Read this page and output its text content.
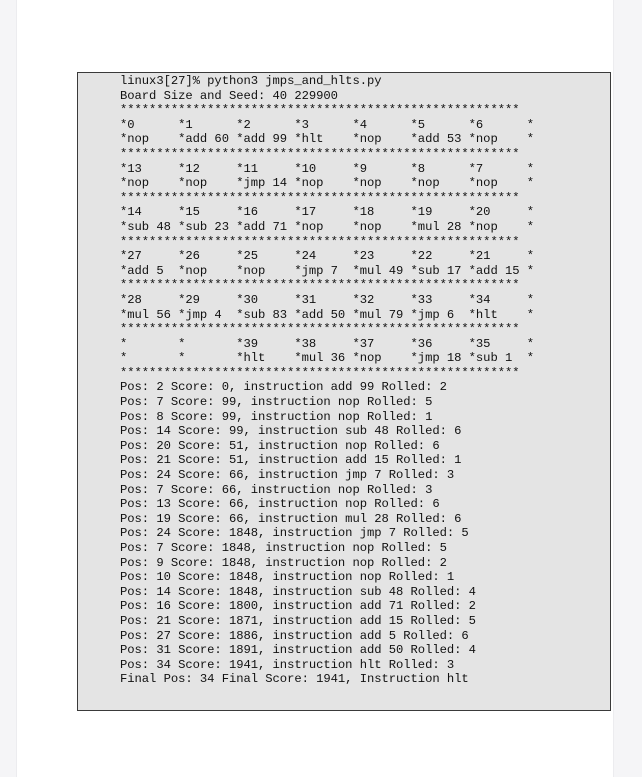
linux3[27]% python3 jmps_and_hlts.py
Board Size and Seed: 40 229900
*******************************************************
*0      *1      *2      *3      *4      *5      *6      *
*nop    *add 60 *add 99 *hlt    *nop    *add 53 *nop    *
*******************************************************
*13     *12     *11     *10     *9      *8      *7      *
*nop    *nop    *jmp 14 *nop    *nop    *nop    *nop    *
*******************************************************
*14     *15     *16     *17     *18     *19     *20     *
*sub 48 *sub 23 *add 71 *nop    *nop    *mul 28 *nop    *
*******************************************************
*27     *26     *25     *24     *23     *22     *21     *
*add 5  *nop    *nop    *jmp 7  *mul 49 *sub 17 *add 15 *
*******************************************************
*28     *29     *30     *31     *32     *33     *34     *
*mul 56 *jmp 4  *sub 83 *add 50 *mul 79 *jmp 6  *hlt    *
*******************************************************
*       *       *39     *38     *37     *36     *35     *
*       *       *hlt    *mul 36 *nop    *jmp 18 *sub 1  *
*******************************************************
Pos: 2 Score: 0, instruction add 99 Rolled: 2
Pos: 7 Score: 99, instruction nop Rolled: 5
Pos: 8 Score: 99, instruction nop Rolled: 1
Pos: 14 Score: 99, instruction sub 48 Rolled: 6
Pos: 20 Score: 51, instruction nop Rolled: 6
Pos: 21 Score: 51, instruction add 15 Rolled: 1
Pos: 24 Score: 66, instruction jmp 7 Rolled: 3
Pos: 7 Score: 66, instruction nop Rolled: 3
Pos: 13 Score: 66, instruction nop Rolled: 6
Pos: 19 Score: 66, instruction mul 28 Rolled: 6
Pos: 24 Score: 1848, instruction jmp 7 Rolled: 5
Pos: 7 Score: 1848, instruction nop Rolled: 5
Pos: 9 Score: 1848, instruction nop Rolled: 2
Pos: 10 Score: 1848, instruction nop Rolled: 1
Pos: 14 Score: 1848, instruction sub 48 Rolled: 4
Pos: 16 Score: 1800, instruction add 71 Rolled: 2
Pos: 21 Score: 1871, instruction add 15 Rolled: 5
Pos: 27 Score: 1886, instruction add 5 Rolled: 6
Pos: 31 Score: 1891, instruction add 50 Rolled: 4
Pos: 34 Score: 1941, instruction hlt Rolled: 3
Final Pos: 34 Final Score: 1941, Instruction hlt
